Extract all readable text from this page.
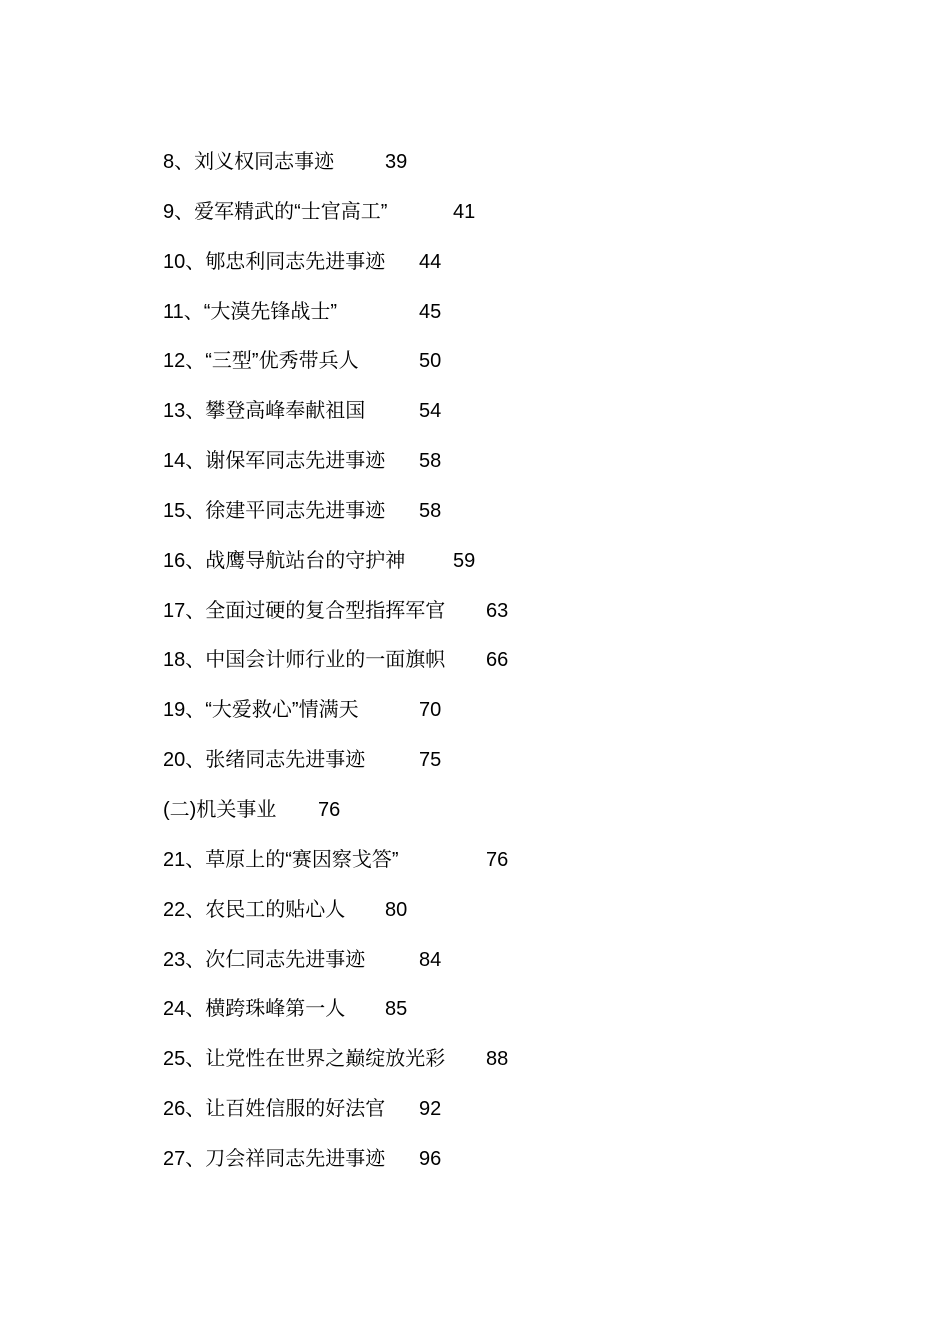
8、刘义权同志事迹	39
9、爱军精武的“士官高工”	41
10、郇忠利同志先进事迹	44
11、“大漠先锋战士”	45
12、“三型”优秀带兵人	50
13、攀登高峰奉献祖国	54
14、谢保军同志先进事迹	58
15、徐建平同志先进事迹	58
16、战鹰导航站台的守护神	59
17、全面过硬的复合型指挥军官	63
18、中国会计师行业的一面旗帜	66
19、“大爱救心”情满天	70
20、张绪同志先进事迹	75
(二)机关事业	76
21、草原上的“赛因察戈答”	76
22、农民工的贴心人	80
23、次仁同志先进事迹	84
24、横跨珠峰第一人	85
25、让党性在世界之巅绽放光彩	88
26、让百姓信服的好法官	92
27、刀会祥同志先进事迹	96
